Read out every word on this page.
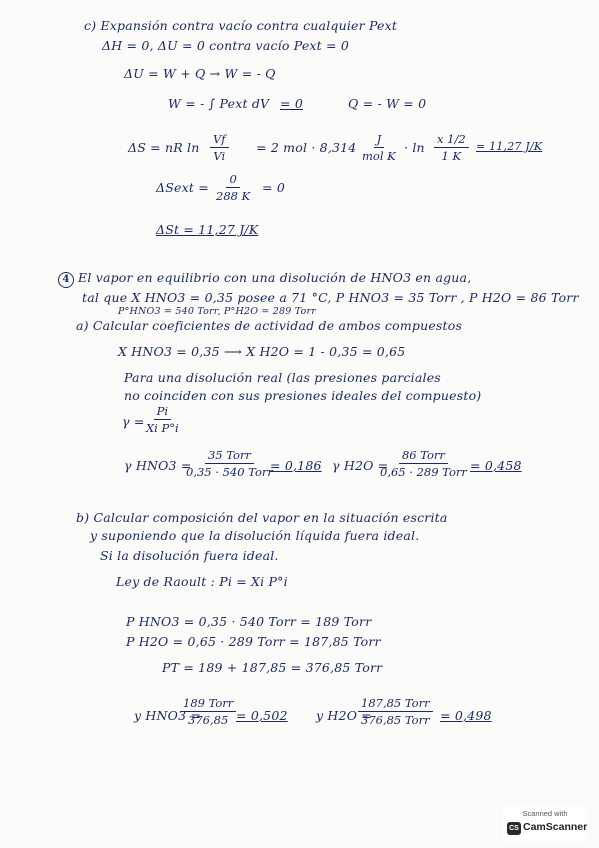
c) Expansión contra vacío contra cualquier Pext
ΔH = 0, ΔU = 0 contra vacío Pext = 0
ΔU = W + Q → W = - Q
W = - ∫ Pext dV = 0	Q = - W = 0
ΔS = nR $\ln \frac{Vf}{Vi} = 2$ mol · 8,314
J
mol K
· $\ln \frac{x 1/2}{1 K} = 11,27$ J/K
ΔSext = $\frac{0}{288 K} = 0$
ΔSt = 11,27 J/K
4 El vapor en equilibrio con una disolución de HNO3 en agua,
tal que X HNO3 = 0,35 posee a 71 °C, P HNO3 = 35 Torr , P H2O = 86 Torr
P°HNO3 = 540 Torr, P°H2O = 289 Torr
a) Calcular coeficientes de actividad de ambos compuestos
X HNO3 = 0,35 ⟶ X H2O = 1 - 0,35 = 0,65
Para una disolución real (las presiones parciales
no coinciden con sus presiones ideales del compuesto)
$\gamma = \frac{Pi}{\text{Xi P°i}}$
γ HNO3 =
35 Torr
0,35 · 540 Torr
= 0,186 γ H2O =
86 Torr
0,65 · 289 Torr = 0,458
b) Calcular composición del vapor en la situación escrita
y suponiendo que la disolución líquida fuera ideal.
Si la disolución fuera ideal.
Ley de Raoult : Pi = Xi P°i
P HNO3 = 0,35 · 540 Torr = 189 Torr
P H2O = 0,65 · 289 Torr = 187,85 Torr
PT = 189 + 187,85 = 376,85 Torr
y HNO3 =
189 Torr
376,85 = 0,502 y H2O =
187,85 Torr
376,85 Torr = 0,498
Scanned with
CS CamScanner
